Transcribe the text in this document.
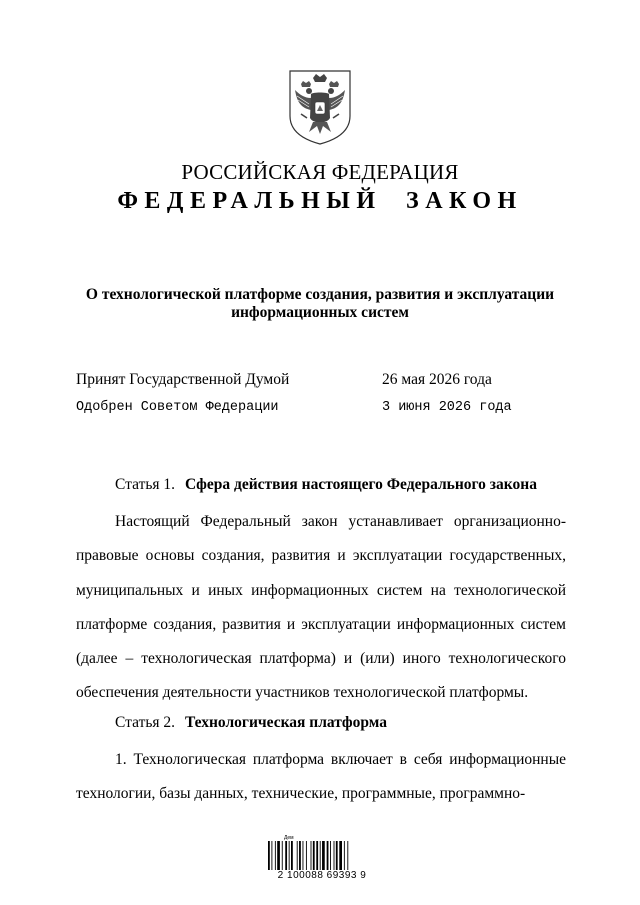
РОССИЙСКАЯ ФЕДЕРАЦИЯ
ФЕДЕРАЛЬНЫЙ ЗАКОН
О технологической платформе создания, развития и эксплуатации информационных систем
Принят Государственной Думой	26 мая 2026 года
Одобрен Советом Федерации	3 июня 2026 года
Статья 1. Сфера действия настоящего Федерального закона

Настоящий Федеральный закон устанавливает организационно-правовые основы создания, развития и эксплуатации государственных, муниципальных и иных информационных систем на технологической платформе создания, развития и эксплуатации информационных систем (далее – технологическая платформа) и (или) иного технологического обеспечения деятельности участников технологической платформы.

Статья 2. Технологическая платформа

1. Технологическая платформа включает в себя информационные технологии, базы данных, технические, программные, программно-

Дем
2 100088 69393 9
